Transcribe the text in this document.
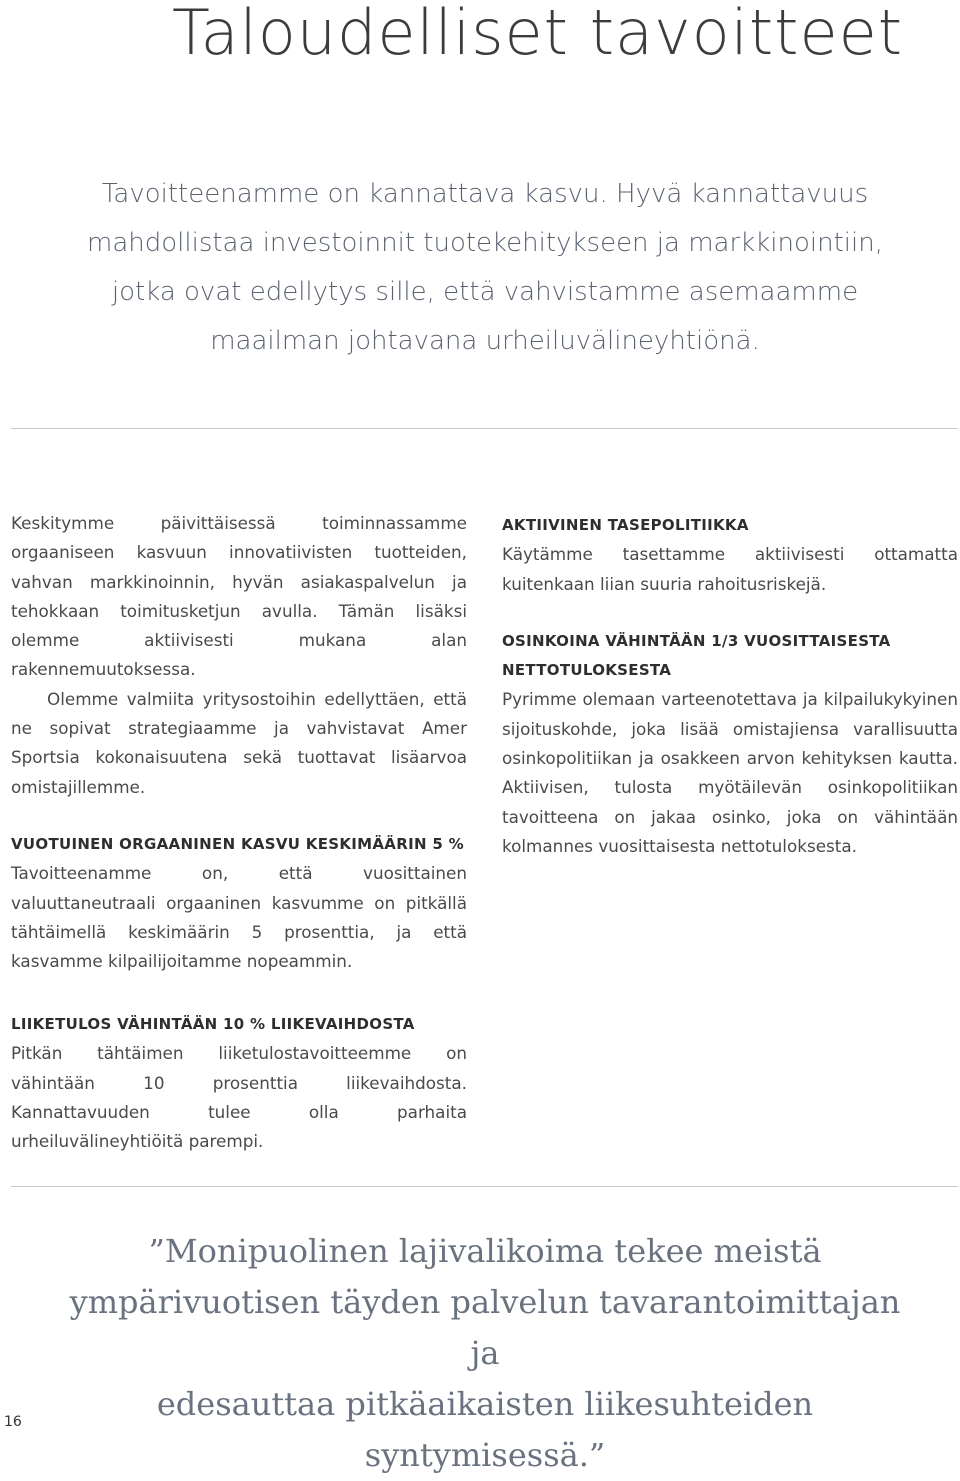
Taloudelliset tavoitteet
Tavoitteenamme on kannattava kasvu. Hyvä kannattavuus
mahdollistaa investoinnit tuotekehitykseen ja markkinointiin,
jotka ovat edellytys sille, että vahvistamme asemaamme
maailman johtavana urheiluvälineyhtiönä.

Keskitymme päivittäisessä toiminnassamme orgaaniseen kasvuun innovatiivisten tuotteiden, vahvan markkinoinnin, hyvän asiakaspalvelun ja tehokkaan toimitusketjun avulla. Tämän lisäksi olemme aktiivisesti mukana alan rakennemuutoksessa.

Olemme valmiita yritysostoihin edellyttäen, että ne sopivat strategiaamme ja vahvistavat Amer Sportsia kokonaisuutena sekä tuottavat lisäarvoa omistajillemme.

VUOTUINEN ORGAANINEN KASVU KESKIMÄÄRIN 5 %

Tavoitteenamme on, että vuosittainen valuuttaneutraali orgaaninen kasvumme on pitkällä tähtäimellä keskimäärin 5 prosenttia, ja että kasvamme kilpailijoitamme nopeammin.

AKTIIVINEN TASEPOLITIIKKA

Käytämme tasettamme aktiivisesti ottamatta kuitenkaan liian suuria rahoitusriskejä.

OSINKOINA VÄHINTÄÄN 1/3 VUOSITTAISESTA
NETTOTULOKSESTA

Pyrimme olemaan varteenotettava ja kilpailukykyinen sijoituskohde, joka lisää omistajiensa varallisuutta osinkopolitiikan ja osakkeen arvon kehityksen kautta. Aktiivisen, tulosta myötäilevän osinkopolitiikan tavoitteena on jakaa osinko, joka on vähintään kolmannes vuosittaisesta nettotuloksesta.

LIIKETULOS VÄHINTÄÄN 10 % LIIKEVAIHDOSTA

Pitkän tähtäimen liiketulostavoitteemme on vähintään 10 prosenttia liikevaihdosta. Kannattavuuden tulee olla parhaita urheiluvälineyhtiöitä parempi.

”Monipuolinen lajivalikoima tekee meistä
ympärivuotisen täyden palvelun tavarantoimittajan ja
edesauttaa pitkäaikaisten liikesuhteiden syntymisessä.”
16
